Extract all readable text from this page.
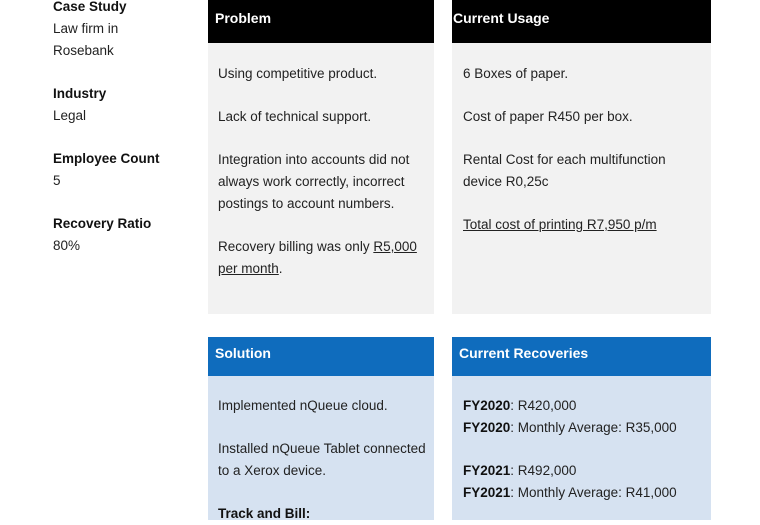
Case Study
Law firm in
Rosebank
Industry
Legal
Employee Count
5
Recovery Ratio
80%
Problem

Using competitive product.

Lack of technical support.

Integration into accounts did not always work correctly, incorrect postings to account numbers.

Recovery billing was only R5,000 per month.

Current Usage

6 Boxes of paper.

Cost of paper R450 per box.

Rental Cost for each multifunction device R0,25c

Total cost of printing R7,950 p/m

Solution

Implemented nQueue cloud.

Installed nQueue Tablet connected to a Xerox device.

Track and Bill:

Current Recoveries
FY2020: R420,000
FY2020: Monthly Average: R35,000
FY2021: R492,000
FY2021: Monthly Average: R41,000
